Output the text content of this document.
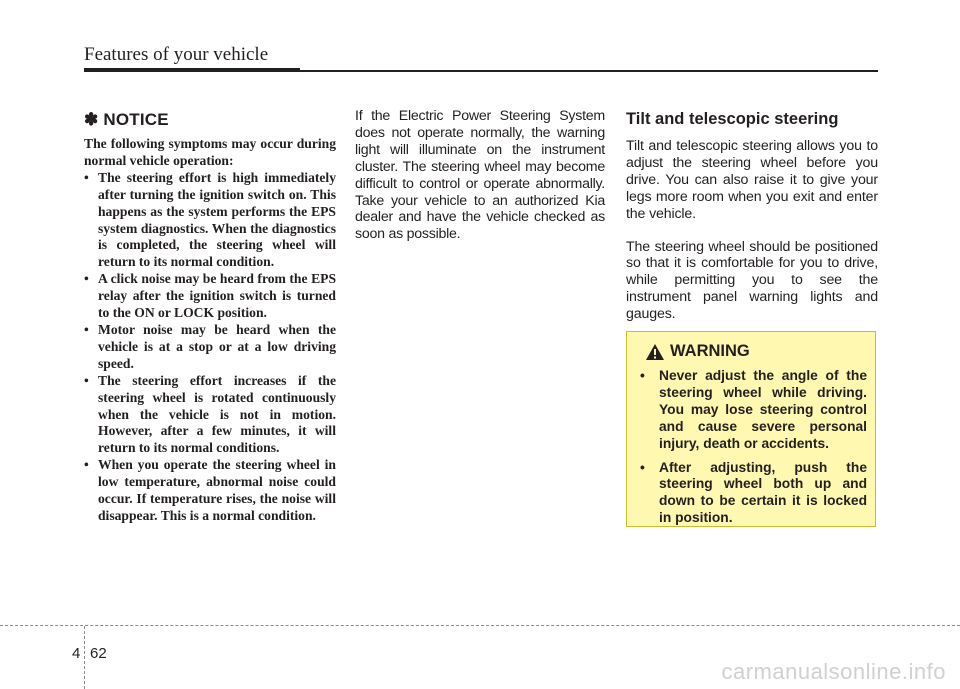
Features of your vehicle
✽ NOTICE

The following symptoms may occur during normal vehicle operation:

• The steering effort is high immediately after turning the ignition switch on. This happens as the system performs the EPS system diagnostics. When the diagnostics is completed, the steering wheel will return to its normal condition.
• A click noise may be heard from the EPS relay after the ignition switch is turned to the ON or LOCK position.
• Motor noise may be heard when the vehicle is at a stop or at a low driving speed.
• The steering effort increases if the steering wheel is rotated continuously when the vehicle is not in motion. However, after a few minutes, it will return to its normal conditions.
• When you operate the steering wheel in low temperature, abnormal noise could occur. If temperature rises, the noise will disappear. This is a normal condition.

If the Electric Power Steering System does not operate normally, the warning light will illuminate on the instrument cluster. The steering wheel may become difficult to control or operate abnormally. Take your vehicle to an authorized Kia dealer and have the vehicle checked as soon as possible.

Tilt and telescopic steering

Tilt and telescopic steering allows you to adjust the steering wheel before you drive. You can also raise it to give your legs more room when you exit and enter the vehicle.

The steering wheel should be positioned so that it is comfortable for you to drive, while permitting you to see the instrument panel warning lights and gauges.

WARNING
• Never adjust the angle of the steering wheel while driving. You may lose steering control and cause severe personal injury, death or accidents.
• After adjusting, push the steering wheel both up and down to be certain it is locked in position.
4 62
carmanualsonline.info
